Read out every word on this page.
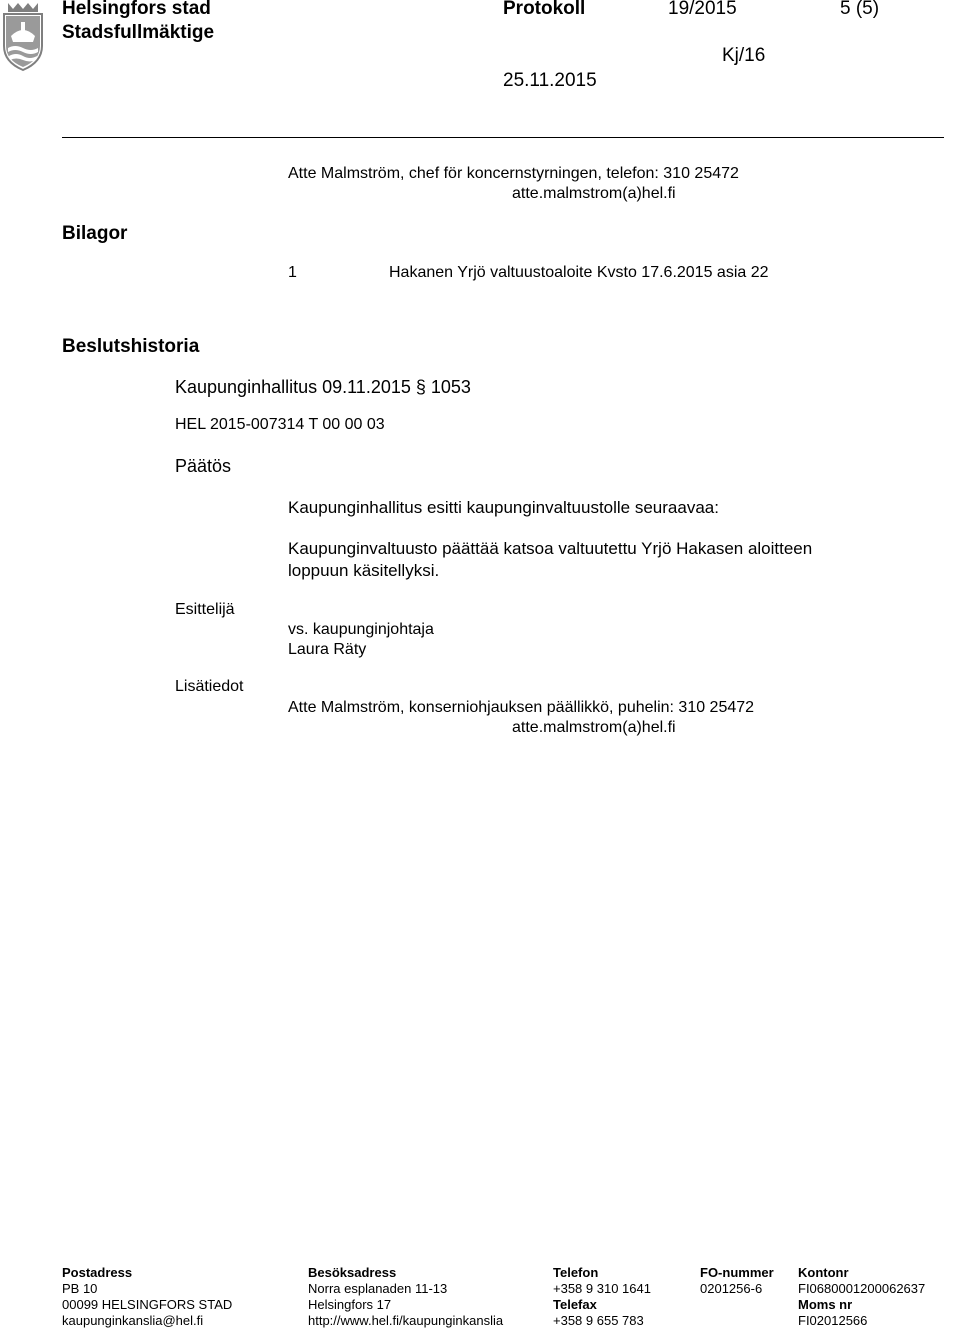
Helsingfors stad
Stadsfullmäktige
Protokoll	19/2015	5 (5)
Kj/16
25.11.2015
Atte Malmström, chef för koncernstyrningen, telefon: 310 25472
atte.malmstrom(a)hel.fi
Bilagor
1	Hakanen Yrjö valtuustoaloite Kvsto 17.6.2015 asia 22
Beslutshistoria
Kaupunginhallitus 09.11.2015 § 1053
HEL 2015-007314 T 00 00 03
Päätös
Kaupunginhallitus esitti kaupunginvaltuustolle seuraavaa:
Kaupunginvaltuusto päättää katsoa valtuutettu Yrjö Hakasen aloitteen
loppuun käsitellyksi.
Esittelijä
vs. kaupunginjohtaja
Laura Räty
Lisätiedot
Atte Malmström, konserniohjauksen päällikkö, puhelin: 310 25472
atte.malmstrom(a)hel.fi
Postadress
PB 10
00099 HELSINGFORS STAD
kaupunginkanslia@hel.fi
Besöksadress
Norra esplanaden 11-13
Helsingfors 17
http://www.hel.fi/kaupunginkanslia
Telefon
+358 9 310 1641
Telefax
+358 9 655 783
FO-nummer
0201256-6
Kontonr
FI0680001200062637
Moms nr
FI02012566
